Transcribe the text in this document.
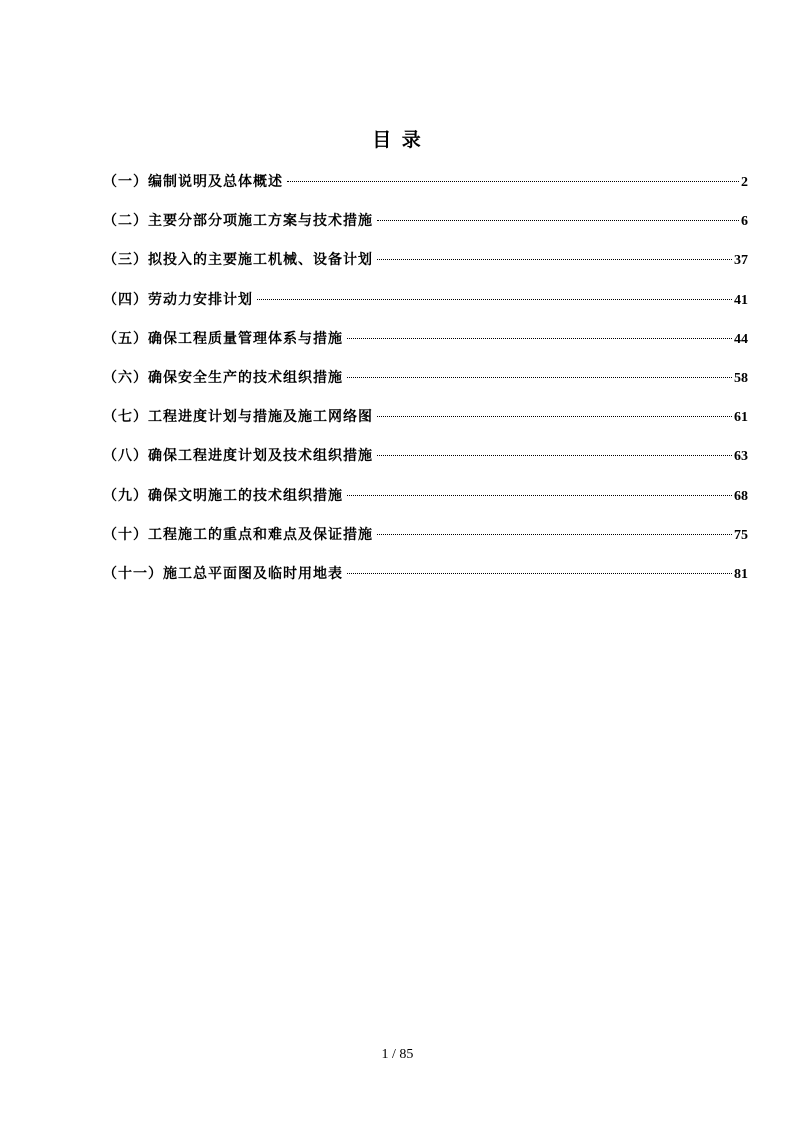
目 录
（一）编制说明及总体概述	2
（二）主要分部分项施工方案与技术措施	6
（三）拟投入的主要施工机械、设备计划	37
（四）劳动力安排计划	41
（五）确保工程质量管理体系与措施	44
（六）确保安全生产的技术组织措施	58
（七）工程进度计划与措施及施工网络图	61
（八）确保工程进度计划及技术组织措施	63
（九）确保文明施工的技术组织措施	68
（十）工程施工的重点和难点及保证措施	75
（十一）施工总平面图及临时用地表	81
1 / 85
